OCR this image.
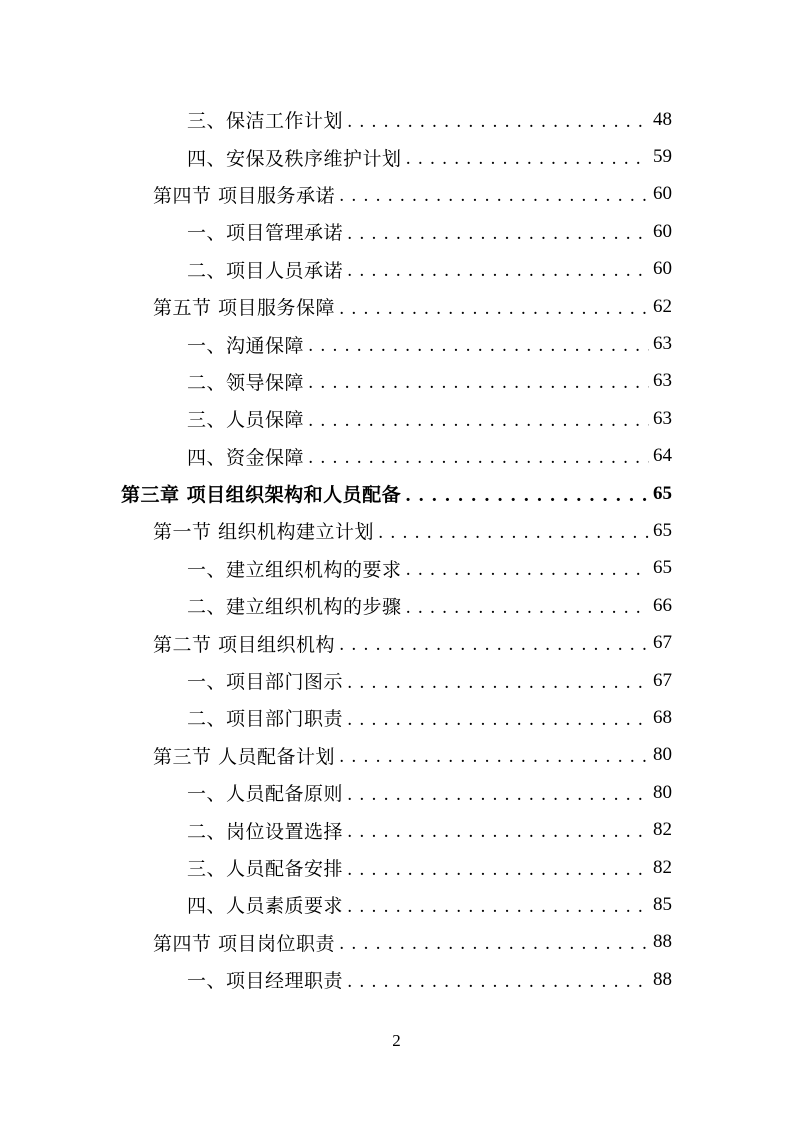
三、保洁工作计划 . . .	48
四、安保及秩序维护计划 . . .	59
第四节 项目服务承诺 . . .	60
一、项目管理承诺 . . .	60
二、项目人员承诺 . . .	60
第五节 项目服务保障 . . .	62
一、沟通保障 . . .	63
二、领导保障 . . .	63
三、人员保障 . . .	63
四、资金保障 . . .	64
第三章 项目组织架构和人员配备 . . .	65
第一节 组织机构建立计划 . . .	65
一、建立组织机构的要求 . . .	65
二、建立组织机构的步骤 . . .	66
第二节 项目组织机构 . . .	67
一、项目部门图示 . . .	67
二、项目部门职责 . . .	68
第三节 人员配备计划 . . .	80
一、人员配备原则 . . .	80
二、岗位设置选择 . . .	82
三、人员配备安排 . . .	82
四、人员素质要求 . . .	85
第四节 项目岗位职责 . . .	88
一、项目经理职责 . . .	88
2
